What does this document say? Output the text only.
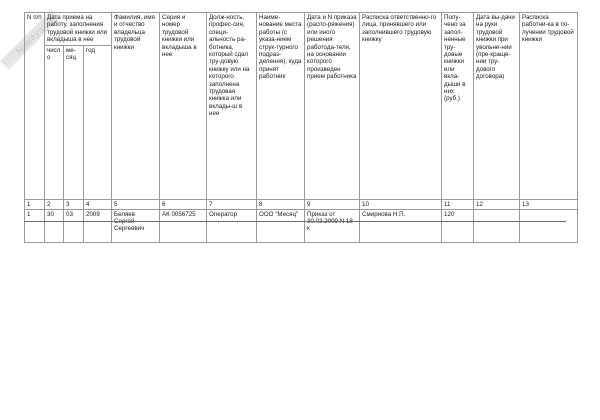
Nowaya
N п/п	Дата приема на работу, заполнения трудовой книжки или вкладыша в нее			Фамилия, имя и отчество владельца трудовой книжки	Серия и номер трудовой книжки или вкладыша в нее	Долж-ность, профес-сия, специ-альность ра-ботника, который сдал тру-довую книжку или на которого заполнена трудовая книжка или вклады-ш в нее	Наиме-нование места работы (с указа-нием струк-турного подраз-деления), куда принят работник	Дата и N приказа (распо-ряжения) или иного решения работода-теля, на основании которого произведен прием работника	Расписка ответственно-го лица, принявшего или заполнившего трудовую книжку	Полу-чено за запол-ненные тру-довые книжки или вкла-дыши в них (руб.)	Дата вы-дачи на руки трудовой книжки при увольне-нии (пре-краще-нии тру-дового договора)	Расписка работни-ка в по-лучении трудовой книжки
	число	ме-сяц	год									
1	2	3	4	5	6	7	8	9	10	11	12	13
1	30	03	2009	Беляев Сергей Сергеевич	АК 0056725	Оператор	ООО "Месяц"	Приказ от 30.03.2009 N 18-к	Смирнова Н.П.	120		
